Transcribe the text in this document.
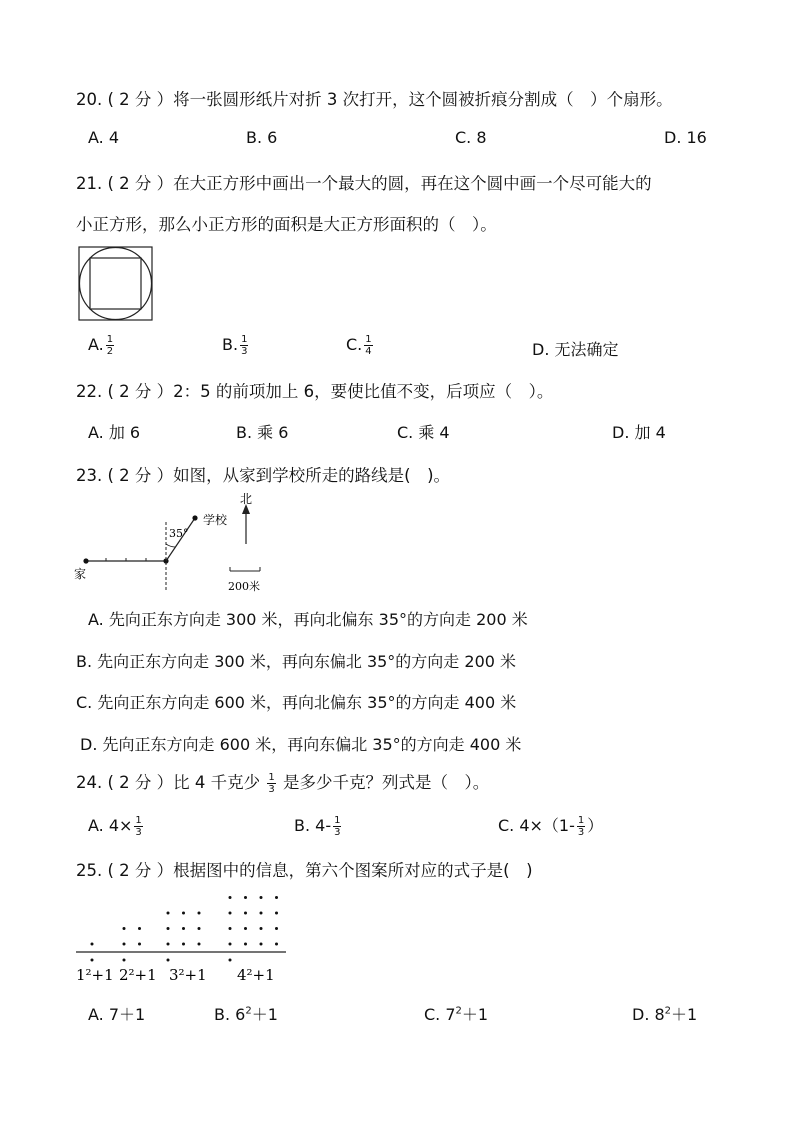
20. ( 2 分 ）将一张圆形纸片对折 3 次打开，这个圆被折痕分割成（　）个扇形。
A. 4	B. 6	C. 8	D. 16
21. ( 2 分 ）在大正方形中画出一个最大的圆，再在这个圆中画一个尽可能大的
小正方形，那么小正方形的面积是大正方形面积的（　）。
A. $\frac{1}{2}$	B. $\frac{1}{3}$	C. $\frac{1}{4}$	D. 无法确定
22. ( 2 分 ）2：5 的前项加上 6，要使比值不变，后项应（　）。
A. 加 6	B. 乘 6	C. 乘 4	D. 加 4
23. ( 2 分 ）如图，从家到学校所走的路线是(　)。
35°
学校
家
北
200米
A. 先向正东方向走 300 米，再向北偏东 35°的方向走 200 米
B. 先向正东方向走 300 米，再向东偏北 35°的方向走 200 米
C. 先向正东方向走 600 米，再向北偏东 35°的方向走 400 米
D. 先向正东方向走 600 米，再向东偏北 35°的方向走 400 米
24. ( 2 分 ）比 4 千克少 $\frac{1}{3}$ 是多少千克？列式是（　）。
A. $4\times \frac{1}{3}$	B. $4- \frac{1}{3}$	C. $4\times(1- \frac{1}{3}$ ）
25. ( 2 分 ）根据图中的信息，第六个图案所对应的式子是(　)
1²+1 2²+1 3²+1 4²+1
A. 7＋1	B. $6^2+1$	C. $7^2+1$	D. $8^2+1$
